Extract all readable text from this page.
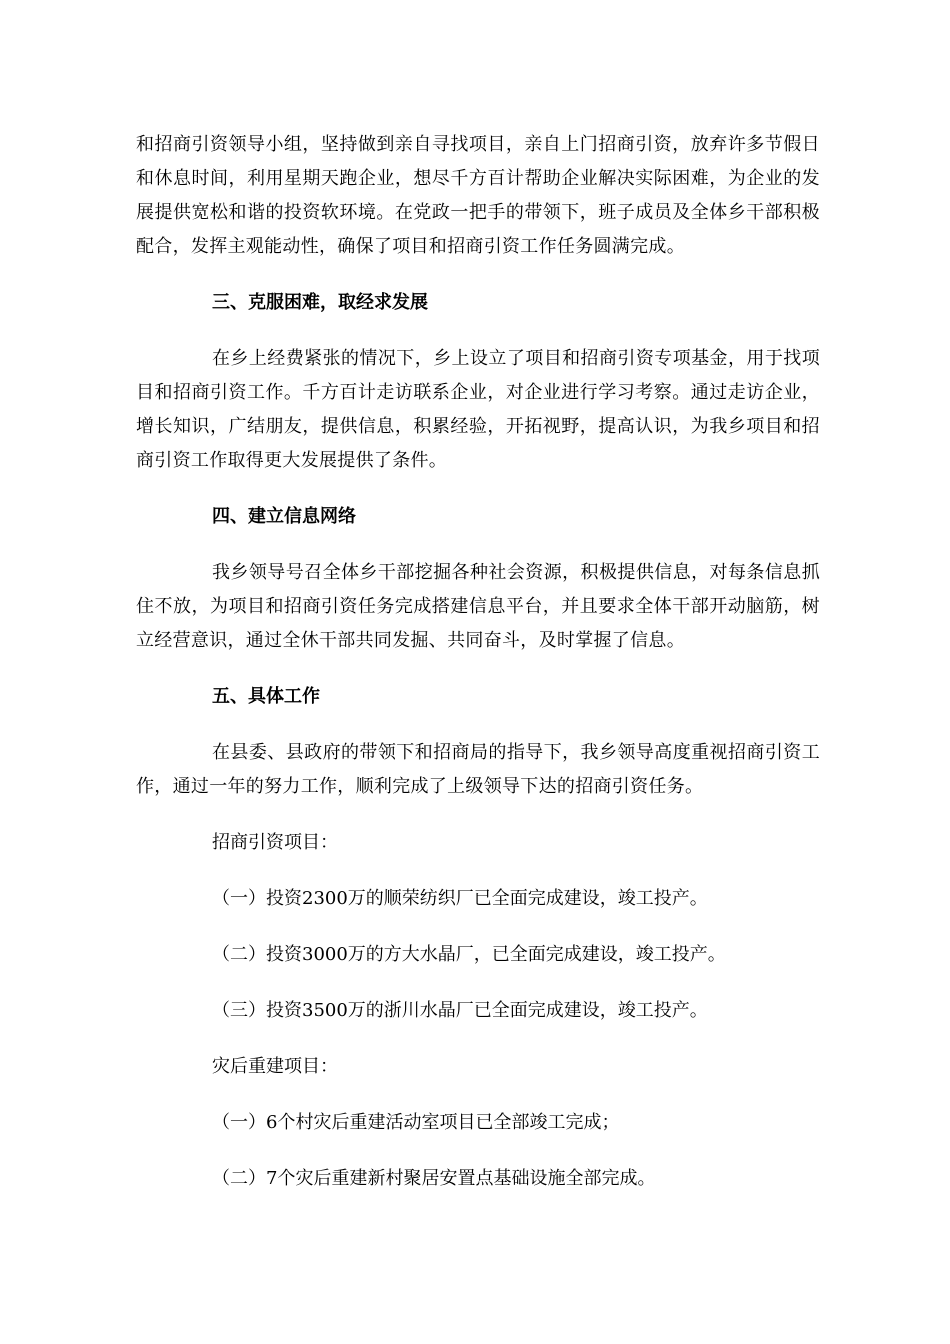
和招商引资领导小组，坚持做到亲自寻找项目，亲自上门招商引资，放弃许多节假日和休息时间，利用星期天跑企业，想尽千方百计帮助企业解决实际困难，为企业的发展提供宽松和谐的投资软环境。在党政一把手的带领下，班子成员及全体乡干部积极配合，发挥主观能动性，确保了项目和招商引资工作任务圆满完成。

三、克服困难，取经求发展

在乡上经费紧张的情况下，乡上设立了项目和招商引资专项基金，用于找项目和招商引资工作。千方百计走访联系企业，对企业进行学习考察。通过走访企业，增长知识，广结朋友，提供信息，积累经验，开拓视野，提高认识，为我乡项目和招商引资工作取得更大发展提供了条件。

四、建立信息网络

我乡领导号召全体乡干部挖掘各种社会资源，积极提供信息，对每条信息抓住不放，为项目和招商引资任务完成搭建信息平台，并且要求全体干部开动脑筋，树立经营意识，通过全休干部共同发掘、共同奋斗，及时掌握了信息。

五、具体工作

在县委、县政府的带领下和招商局的指导下，我乡领导高度重视招商引资工作，通过一年的努力工作，顺利完成了上级领导下达的招商引资任务。

招商引资项目：

（一）投资2300万的顺荣纺织厂已全面完成建设，竣工投产。

（二）投资3000万的方大水晶厂，已全面完成建设，竣工投产。

（三）投资3500万的浙川水晶厂已全面完成建设，竣工投产。

灾后重建项目：

（一）6个村灾后重建活动室项目已全部竣工完成；

（二）7个灾后重建新村聚居安置点基础设施全部完成。
